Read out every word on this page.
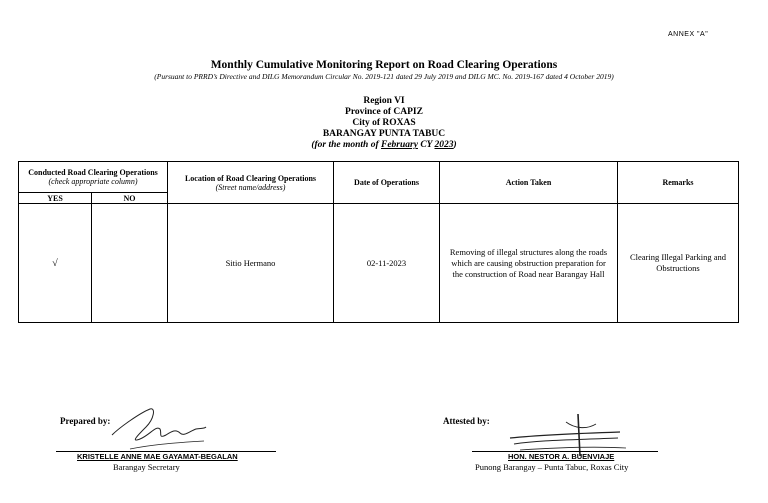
ANNEX "A"
Monthly Cumulative Monitoring Report on Road Clearing Operations
(Pursuant to PRRD’s Directive and DILG Memorandum Circular No. 2019-121 dated 29 July 2019 and DILG MC. No. 2019-167 dated 4 October 2019)
Region VI
Province of CAPIZ
City of ROXAS
BARANGAY PUNTA TABUC
(for the month of February CY 2023)
Conducted Road Clearing Operations
(check appropriate column)		Location of Road Clearing Operations
(Street name/address)	Date of Operations	Action Taken	Remarks
YES	NO				
√		Sitio Hermano	02-11-2023	Removing of illegal structures along the roads which are causing obstruction preparation for the construction of Road near Barangay Hall	Clearing Illegal Parking and Obstructions
Prepared by:
KRISTELLE ANNE MAE GAYAMAT-BEGALAN
Barangay Secretary
Attested by:
HON. NESTOR A. BUENVIAJE
Punong Barangay – Punta Tabuc, Roxas City
